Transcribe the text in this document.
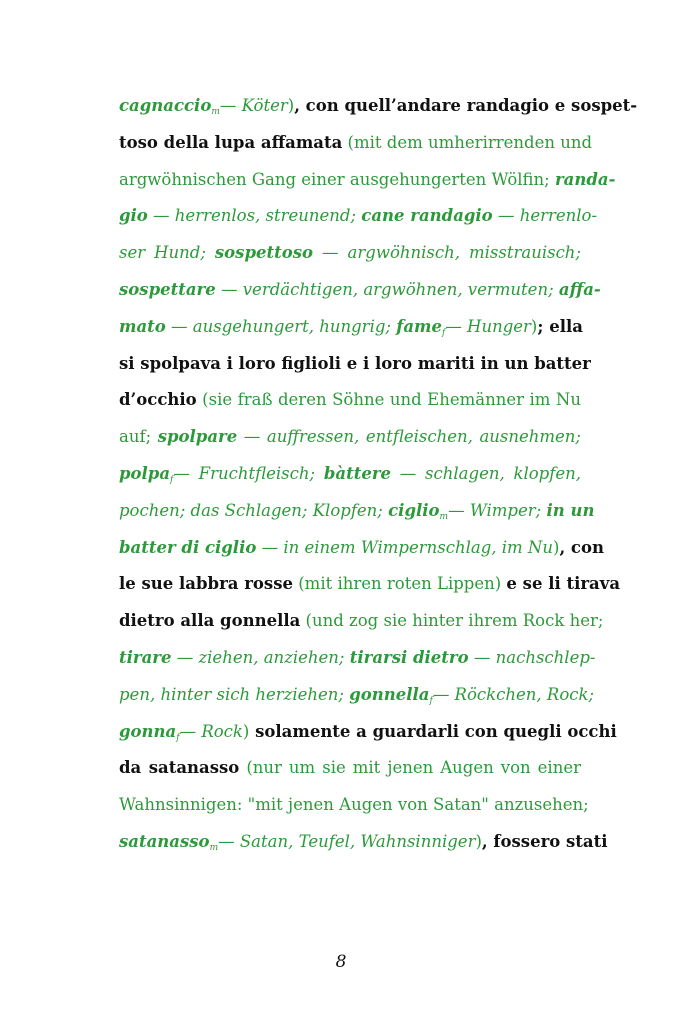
cagnaccio$_m$— Köter), con quell’andare randagio e sospet-
toso della lupa affamata (mit dem umherirrenden und
argwöhnischen Gang einer ausgehungerten Wölfin; randa-
gio — herrenlos, streunend; cane randagio — herrenlo-
ser Hund; sospettoso — argwöhnisch, misstrauisch;
sospettare — verdächtigen, argwöhnen, vermuten; affa-
mato — ausgehungert, hungrig; fame$_f$— Hunger); ella
si spolpava i loro figlioli e i loro mariti in un batter
d’occhio (sie fraß deren Söhne und Ehemänner im Nu
auf; spolpare — auffressen, entfleischen, ausnehmen;
polpa$_f$— Fruchtfleisch; bàttere — schlagen, klopfen,
pochen; das Schlagen; Klopfen; ciglio$_m$— Wimper; in un
batter di ciglio — in einem Wimpernschlag, im Nu), con
le sue labbra rosse (mit ihren roten Lippen) e se li tirava
dietro alla gonnella (und zog sie hinter ihrem Rock her;
tirare — ziehen, anziehen; tirarsi dietro — nachschlep-
pen, hinter sich herziehen; gonnella$_f$— Röckchen, Rock;
gonna$_f$— Rock) solamente a guardarli con quegli occhi
da satanasso (nur um sie mit jenen Augen von einer
Wahnsinnigen: "mit jenen Augen von Satan" anzusehen;
satanasso$_m$— Satan, Teufel, Wahnsinniger), fossero stati
8
